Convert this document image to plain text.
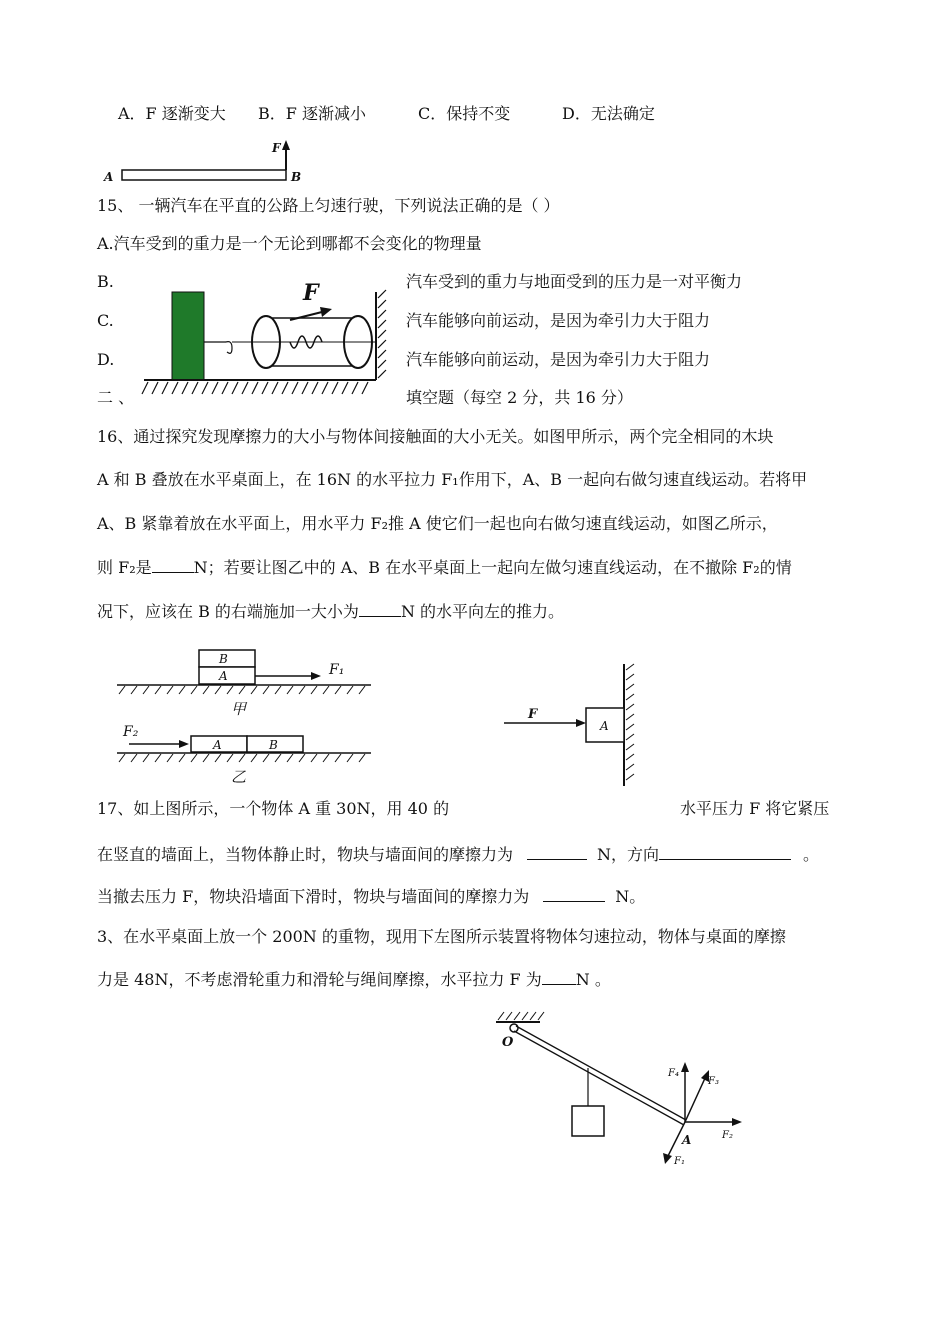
A．F 逐渐变大 B．F 逐渐减小	C．保持不变	D．无法确定
A	B
F
15、 一辆汽车在平直的公路上匀速行驶，下列说法正确的是（ ）
A.汽车受到的重力是一个无论到哪都不会变化的物理量
B.	汽车受到的重力与地面受到的压力是一对平衡力
C.	汽车能够向前运动，是因为牵引力大于阻力
D.	汽车能够向前运动，是因为牵引力大于阻力
F
二 、	填空题（每空 2 分，共 16 分）
16、通过探究发现摩擦力的大小与物体间接触面的大小无关。如图甲所示，两个完全相同的木块
A 和 B 叠放在水平桌面上，在 16N 的水平拉力 F₁作用下，A、B 一起向右做匀速直线运动。若将甲
A、B 紧靠着放在水平面上，用水平力 F₂推 A 使它们一起也向右做匀速直线运动，如图乙所示，
则 F₂是	N；若要让图乙中的 A、B 在水平桌面上一起向左做匀速直线运动，在不撤除 F₂的情
况下，应该在 B 的右端施加一大小为	N 的水平向左的推力。
B
A	F₁
甲
F₂
A	B
乙
A
F
17、如上图所示，一个物体 A 重 30N，用 40 的	水平压力 F 将它紧压
在竖直的墙面上，当物体静止时，物块与墙面间的摩擦力为	N，方向	。
当撤去压力 F，物块沿墙面下滑时，物块与墙面间的摩擦力为	N。
3、在水平桌面上放一个 200N 的重物，现用下左图所示装置将物体匀速拉动，物体与桌面的摩擦
力是 48N，不考虑滑轮重力和滑轮与绳间摩擦，水平拉力 F 为 N 。
O
A
F₄
F₃
F₂
F₁
